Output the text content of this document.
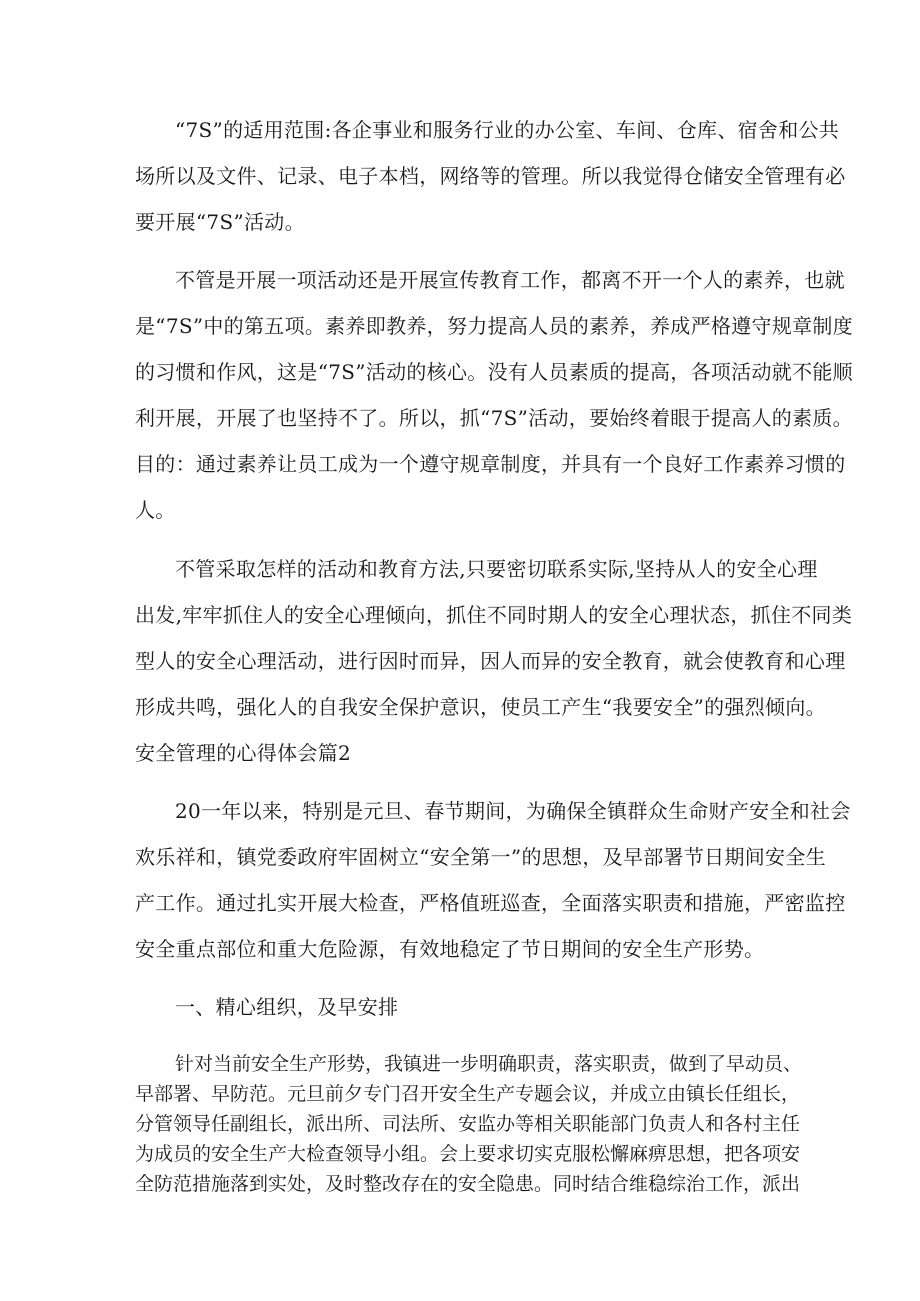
“7S”的适用范围:各企事业和服务行业的办公室、车间、仓库、宿舍和公共
场所以及文件、记录、电子本档，网络等的管理。所以我觉得仓储安全管理有必
要开展“7S”活动。
不管是开展一项活动还是开展宣传教育工作，都离不开一个人的素养，也就
是“7S”中的第五项。素养即教养，努力提高人员的素养，养成严格遵守规章制度
的习惯和作风，这是“7S”活动的核心。没有人员素质的提高，各项活动就不能顺
利开展，开展了也坚持不了。所以，抓“7S”活动，要始终着眼于提高人的素质。
目的：通过素养让员工成为一个遵守规章制度，并具有一个良好工作素养习惯的
人。
不管采取怎样的活动和教育方法,只要密切联系实际,坚持从人的安全心理
出发,牢牢抓住人的安全心理倾向，抓住不同时期人的安全心理状态，抓住不同类
型人的安全心理活动，进行因时而异，因人而异的安全教育，就会使教育和心理
形成共鸣，强化人的自我安全保护意识，使员工产生“我要安全”的强烈倾向。
安全管理的心得体会篇2
20一年以来，特别是元旦、春节期间，为确保全镇群众生命财产安全和社会
欢乐祥和，镇党委政府牢固树立“安全第一”的思想，及早部署节日期间安全生
产工作。通过扎实开展大检查，严格值班巡查，全面落实职责和措施，严密监控
安全重点部位和重大危险源，有效地稳定了节日期间的安全生产形势。
一、精心组织，及早安排
针对当前安全生产形势，我镇进一步明确职责，落实职责，做到了早动员、
早部署、早防范。元旦前夕专门召开安全生产专题会议，并成立由镇长任组长，
分管领导任副组长，派出所、司法所、安监办等相关职能部门负责人和各村主任
为成员的安全生产大检查领导小组。会上要求切实克服松懈麻痹思想，把各项安
全防范措施落到实处，及时整改存在的安全隐患。同时结合维稳综治工作，派出
